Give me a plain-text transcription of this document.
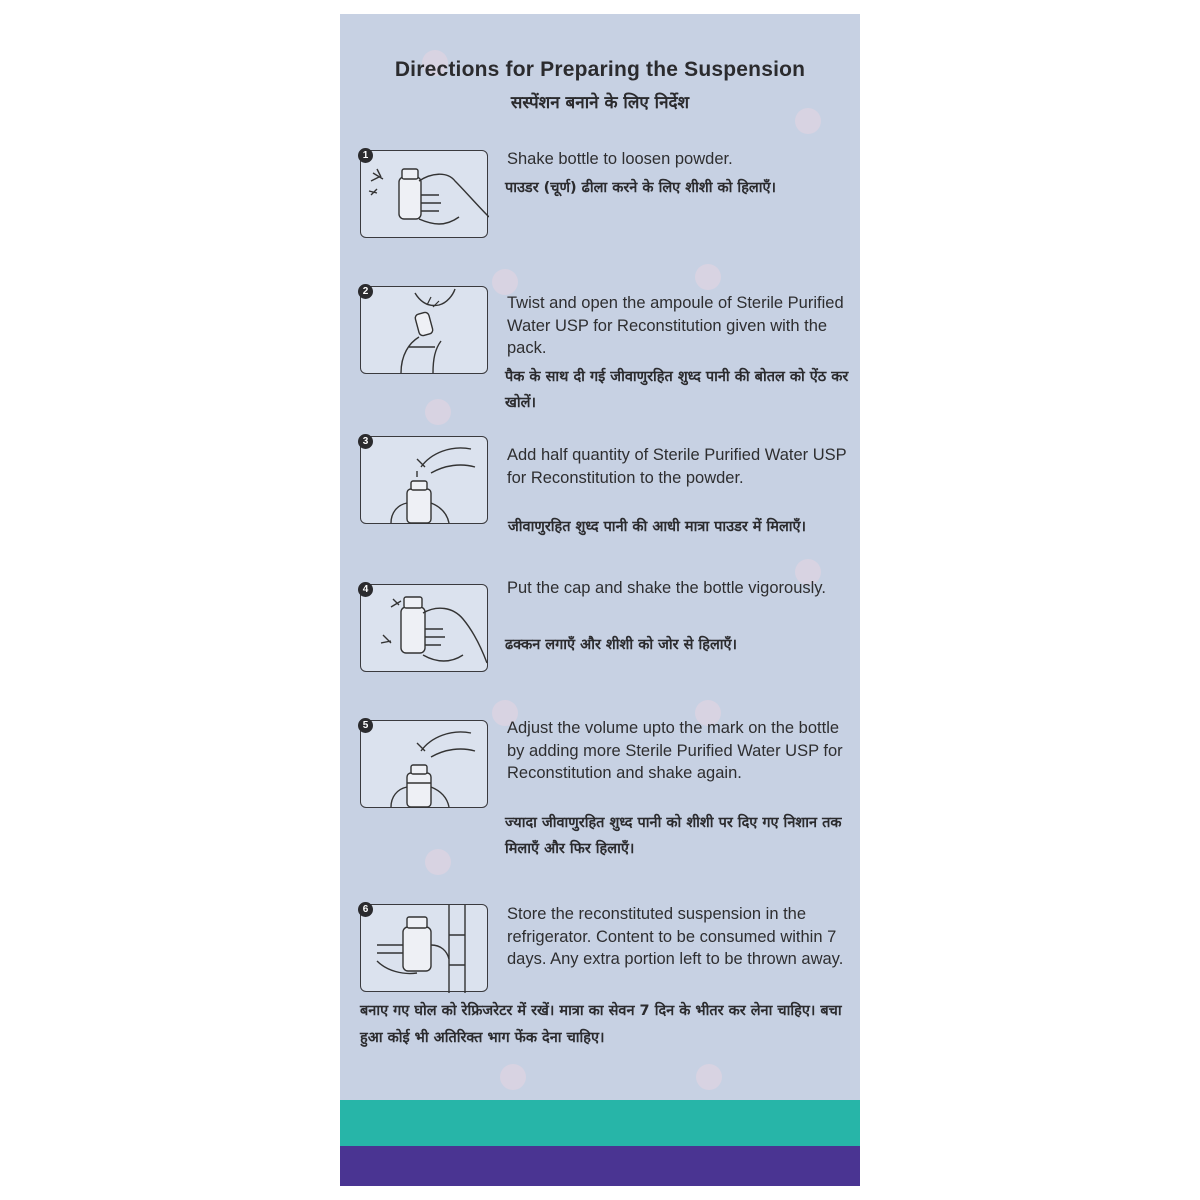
Directions for Preparing the Suspension
सस्पेंशन बनाने के लिए निर्देश
1	Shake bottle to loosen powder.
पाउडर (चूर्ण) ढीला करने के लिए शीशी को हिलाएँ।
2
Twist and open the ampoule of Sterile Purified Water USP for Reconstitution given with the pack.
पैक के साथ दी गई जीवाणुरहित शुध्द पानी की बोतल को ऐंठ कर खोलें।
3
Add half quantity of Sterile Purified Water USP for Reconstitution to the powder.
जीवाणुरहित शुध्द पानी की आधी मात्रा पाउडर में मिलाएँ।
4	Put the cap and shake the bottle vigorously.
ढक्कन लगाएँ और शीशी को जोर से हिलाएँ।
5	Adjust the volume upto the mark on the bottle by adding more Sterile Purified Water USP for Reconstitution and shake again.
ज्यादा जीवाणुरहित शुध्द पानी को शीशी पर दिए गए निशान तक मिलाएँ और फिर हिलाएँ।
6	Store the reconstituted suspension in the refrigerator. Content to be consumed within 7 days. Any extra portion left to be thrown away.
बनाए गए घोल को रेफ्रिजरेटर में रखें। मात्रा का सेवन 7 दिन के भीतर कर लेना चाहिए। बचा हुआ कोई भी अतिरिक्त भाग फेंक देना चाहिए।
